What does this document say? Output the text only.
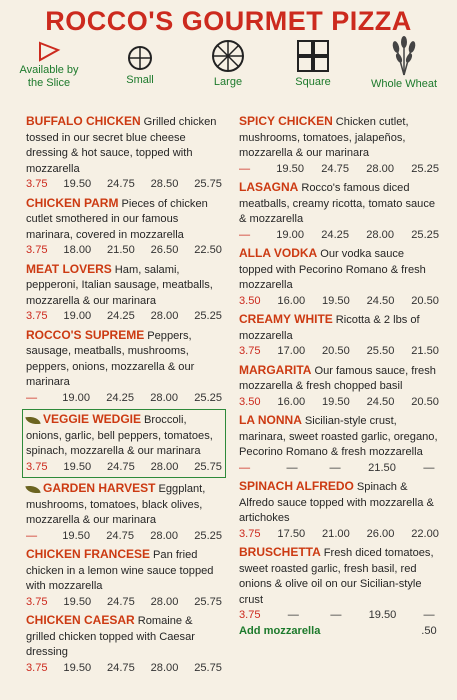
ROCCO'S GOURMET PIZZA
Available by the Slice	Small	Large	Square	Whole Wheat
BUFFALO CHICKEN Grilled chicken tossed in our secret blue cheese dressing & hot sauce, topped with mozzarella
3.75 19.50 24.75 28.50 25.75
CHICKEN PARM Pieces of chicken cutlet smothered in our famous marinara, covered in mozzarella
3.75 18.00 21.50 26.50 22.50
MEAT LOVERS Ham, salami, pepperoni, Italian sausage, meatballs, mozzarella & our marinara
3.75 19.00 24.25 28.00 25.25
ROCCO'S SUPREME Peppers, sausage, meatballs, mushrooms, peppers, onions, mozzarella & our marinara
—	19.00 24.25 28.00 25.25
VEGGIE WEDGIE Broccoli, onions, garlic, bell peppers, tomatoes, spinach, mozzarella & our marinara
3.75 19.50 24.75 28.00 25.75
GARDEN HARVEST Eggplant, mushrooms, tomatoes, black olives, mozzarella & our marinara
—	19.50 24.75 28.00 25.25
CHICKEN FRANCESE Pan fried chicken in a lemon wine sauce topped with mozzarella
3.75 19.50 24.75 28.00 25.75
CHICKEN CAESAR Romaine & grilled chicken topped with Caesar dressing
3.75 19.50 24.75 28.00 25.75
SPICY CHICKEN Chicken cutlet, mushrooms, tomatoes, jalapeños, mozzarella & our marinara
—	19.50 24.75 28.00 25.25
LASAGNA Rocco's famous diced meatballs, creamy ricotta, tomato sauce & mozzarella
—	19.00 24.25 28.00 25.25
ALLA VODKA Our vodka sauce topped with Pecorino Romano & fresh mozzarella
3.50 16.00 19.50 24.50 20.50
CREAMY WHITE Ricotta & 2 lbs of mozzarella
3.75 17.00 20.50 25.50 21.50
MARGARITA Our famous sauce, fresh mozzarella & fresh chopped basil
3.50 16.00 19.50 24.50 20.50
LA NONNA Sicilian-style crust, marinara, sweet roasted garlic, oregano, Pecorino Romano & fresh mozzarella
—	—	—	21.50	—
SPINACH ALFREDO Spinach & Alfredo sauce topped with mozzarella & artichokes
3.75 17.50 21.00 26.00 22.00
BRUSCHETTA Fresh diced tomatoes, sweet roasted garlic, fresh basil, red onions & olive oil on our Sicilian-style crust
3.75	—	—	19.50	—
Add mozzarella	.50
